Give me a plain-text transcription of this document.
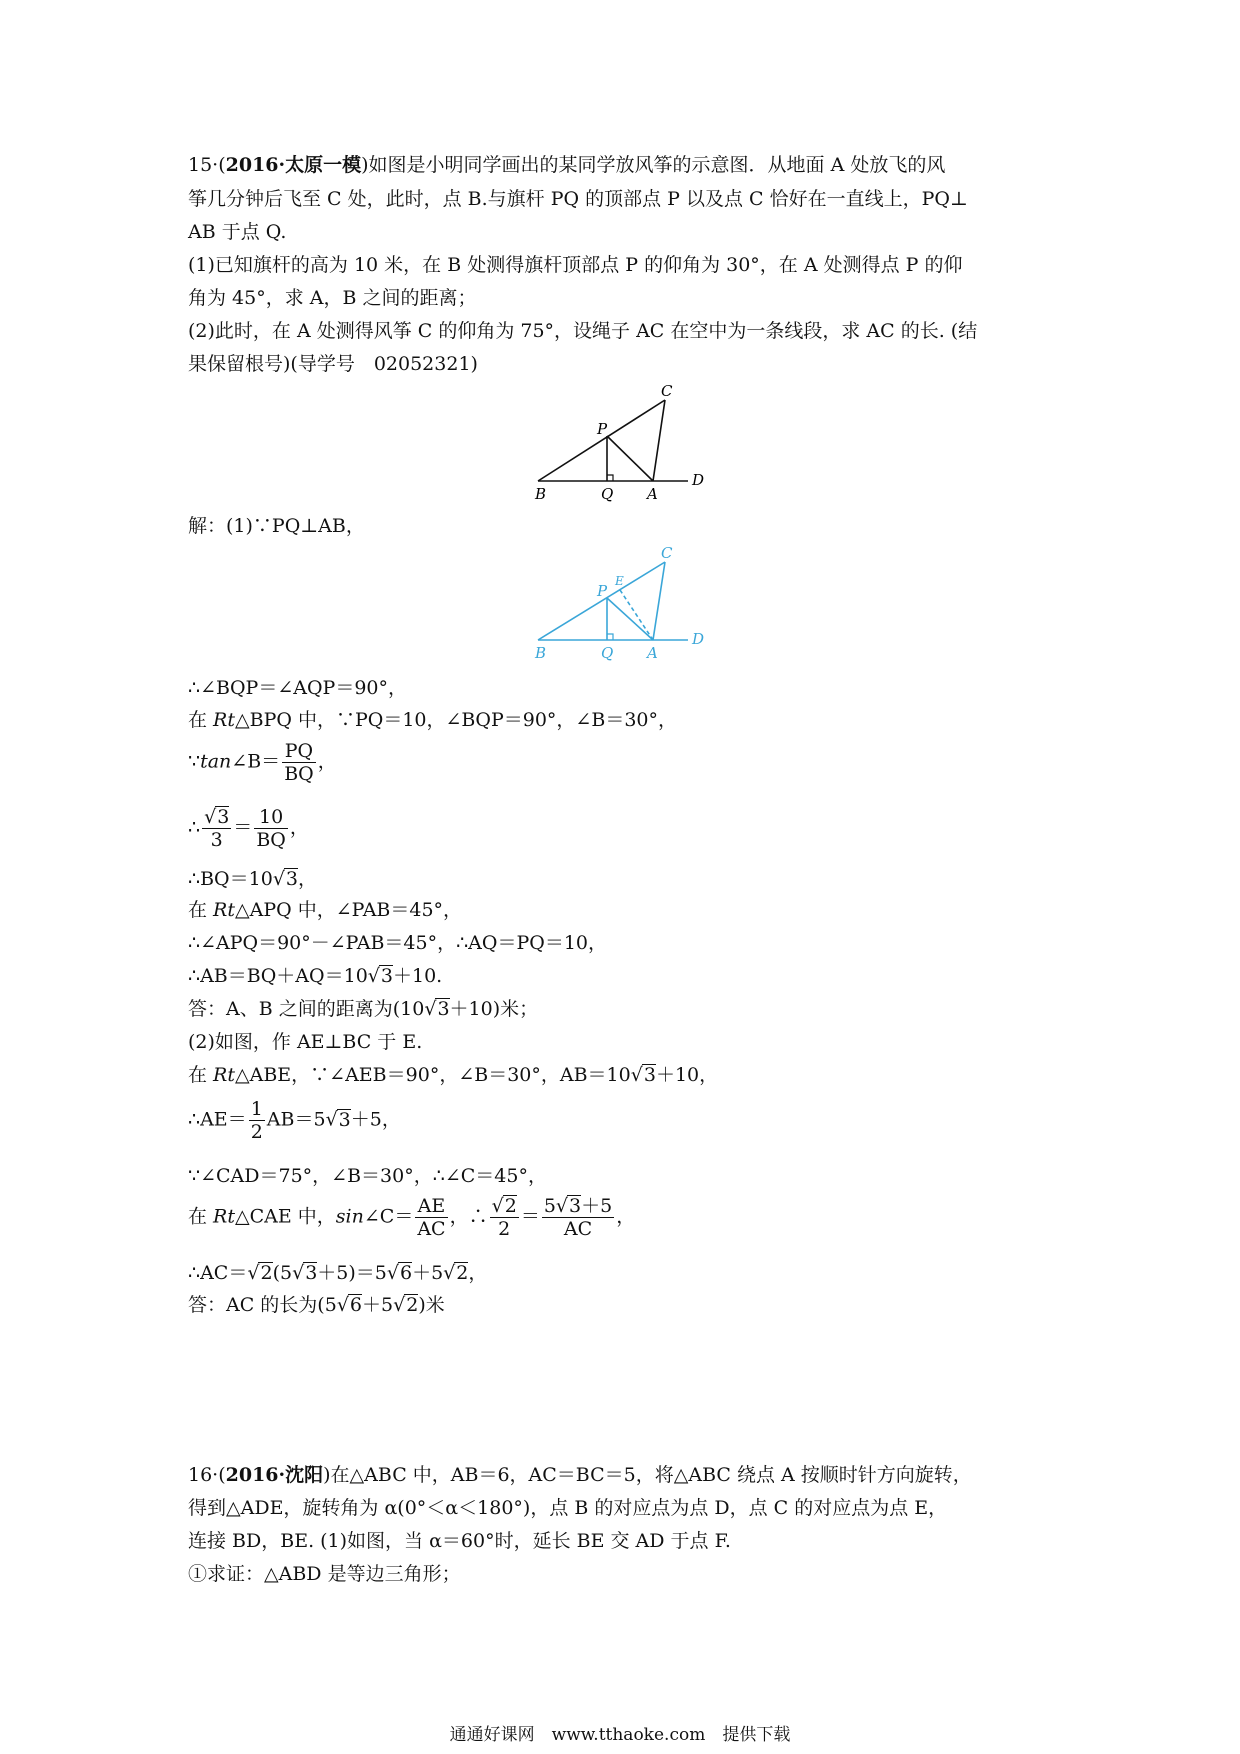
15·(2016·太原一模)如图是小明同学画出的某同学放风筝的示意图．从地面 A 处放飞的风
筝几分钟后飞至 C 处，此时，点 B.与旗杆 PQ 的顶部点 P 以及点 C 恰好在一直线上，PQ⊥
AB 于点 Q.
(1)已知旗杆的高为 10 米，在 B 处测得旗杆顶部点 P 的仰角为 30°，在 A 处测得点 P 的仰
角为 45°，求 A，B 之间的距离；
(2)此时，在 A 处测得风筝 C 的仰角为 75°，设绳子 AC 在空中为一条线段，求 AC 的长. (结
果保留根号)(导学号　02052321)
C
P
B	Q A
D
解：(1)∵PQ⊥AB，
C
P
E
B	Q A
D
∴∠BQP＝∠AQP＝90°，
在 Rt△BPQ 中，∵PQ＝10，∠BQP＝90°，∠B＝30°，
∵tan∠B＝ $\frac{PQ}{BQ}$ ，
∴ $\frac{√3}{3} = \frac{10}{BQ}$ ，
∴BQ＝10√3，
在 Rt△APQ 中，∠PAB＝45°，
∴∠APQ＝90°－∠PAB＝45°，∴AQ＝PQ＝10，
∴AB＝BQ＋AQ＝10√3＋10.
答：A、B 之间的距离为(10√3＋10)米；
(2)如图，作 AE⊥BC 于 E.
在 Rt△ABE，∵∠AEB＝90°，∠B＝30°，AB＝10√3＋10，
∴AE＝ $\frac{1}{2} AB=5√3+5$，
∵∠CAD＝75°，∠B＝30°，∴∠C＝45°，
在 Rt△CAE 中，sin∠C＝ $\frac{AE}{AC}$ ，∴ $\frac{√2}{2} = \frac{5√3+5}{AC}$ ，
∴AC＝√2(5√3＋5)＝5√6＋5√2，
答：AC 的长为(5√6＋5√2)米
16·(2016·沈阳)在△ABC 中，AB＝6，AC＝BC＝5，将△ABC 绕点 A 按顺时针方向旋转，
得到△ADE，旋转角为 α(0°＜α＜180°)，点 B 的对应点为点 D，点 C 的对应点为点 E，
连接 BD，BE. (1)如图，当 α＝60°时，延长 BE 交 AD 于点 F.
①求证：△ABD 是等边三角形；
通通好课网　www.tthaoke.com　提供下载
